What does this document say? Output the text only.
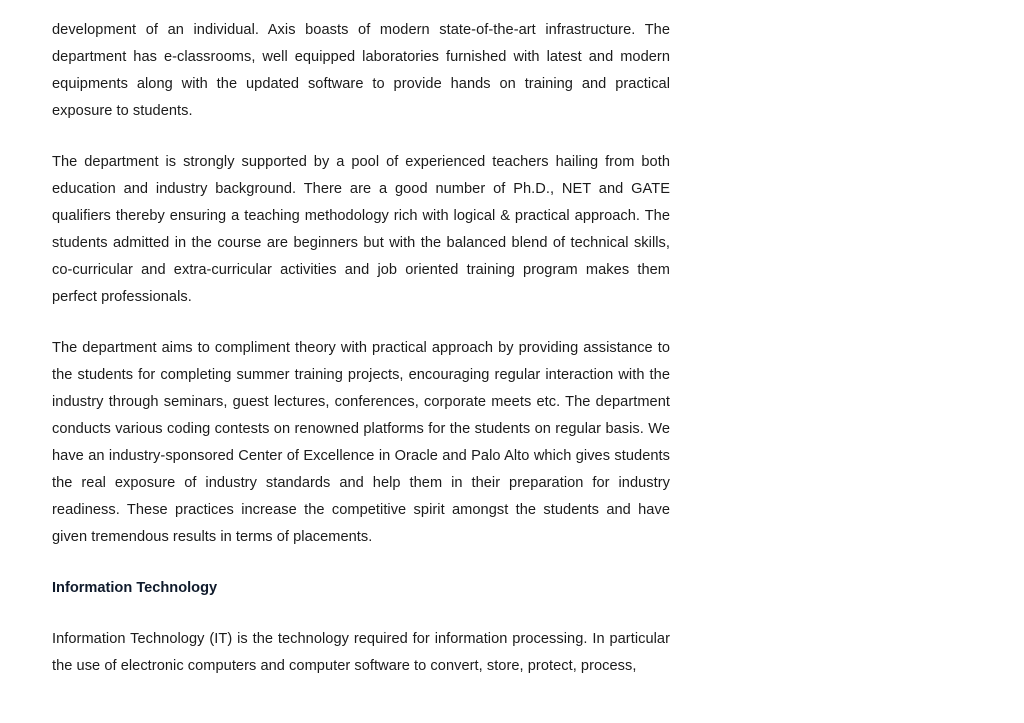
development of an individual. Axis boasts of modern state-of-the-art infrastructure. The department has e-classrooms, well equipped laboratories furnished with latest and modern equipments along with the updated software to provide hands on training and practical exposure to students.

The department is strongly supported by a pool of experienced teachers hailing from both education and industry background. There are a good number of Ph.D., NET and GATE qualifiers thereby ensuring a teaching methodology rich with logical & practical approach. The students admitted in the course are beginners but with the balanced blend of technical skills, co-curricular and extra-curricular activities and job oriented training program makes them perfect professionals.

The department aims to compliment theory with practical approach by providing assistance to the students for completing summer training projects, encouraging regular interaction with the industry through seminars, guest lectures, conferences, corporate meets etc. The department conducts various coding contests on renowned platforms for the students on regular basis. We have an industry-sponsored Center of Excellence in Oracle and Palo Alto which gives students the real exposure of industry standards and help them in their preparation for industry readiness. These practices increase the competitive spirit amongst the students and have given tremendous results in terms of placements.

Information Technology

Information Technology (IT) is the technology required for information processing. In particular the use of electronic computers and computer software to convert, store, protect, process,
